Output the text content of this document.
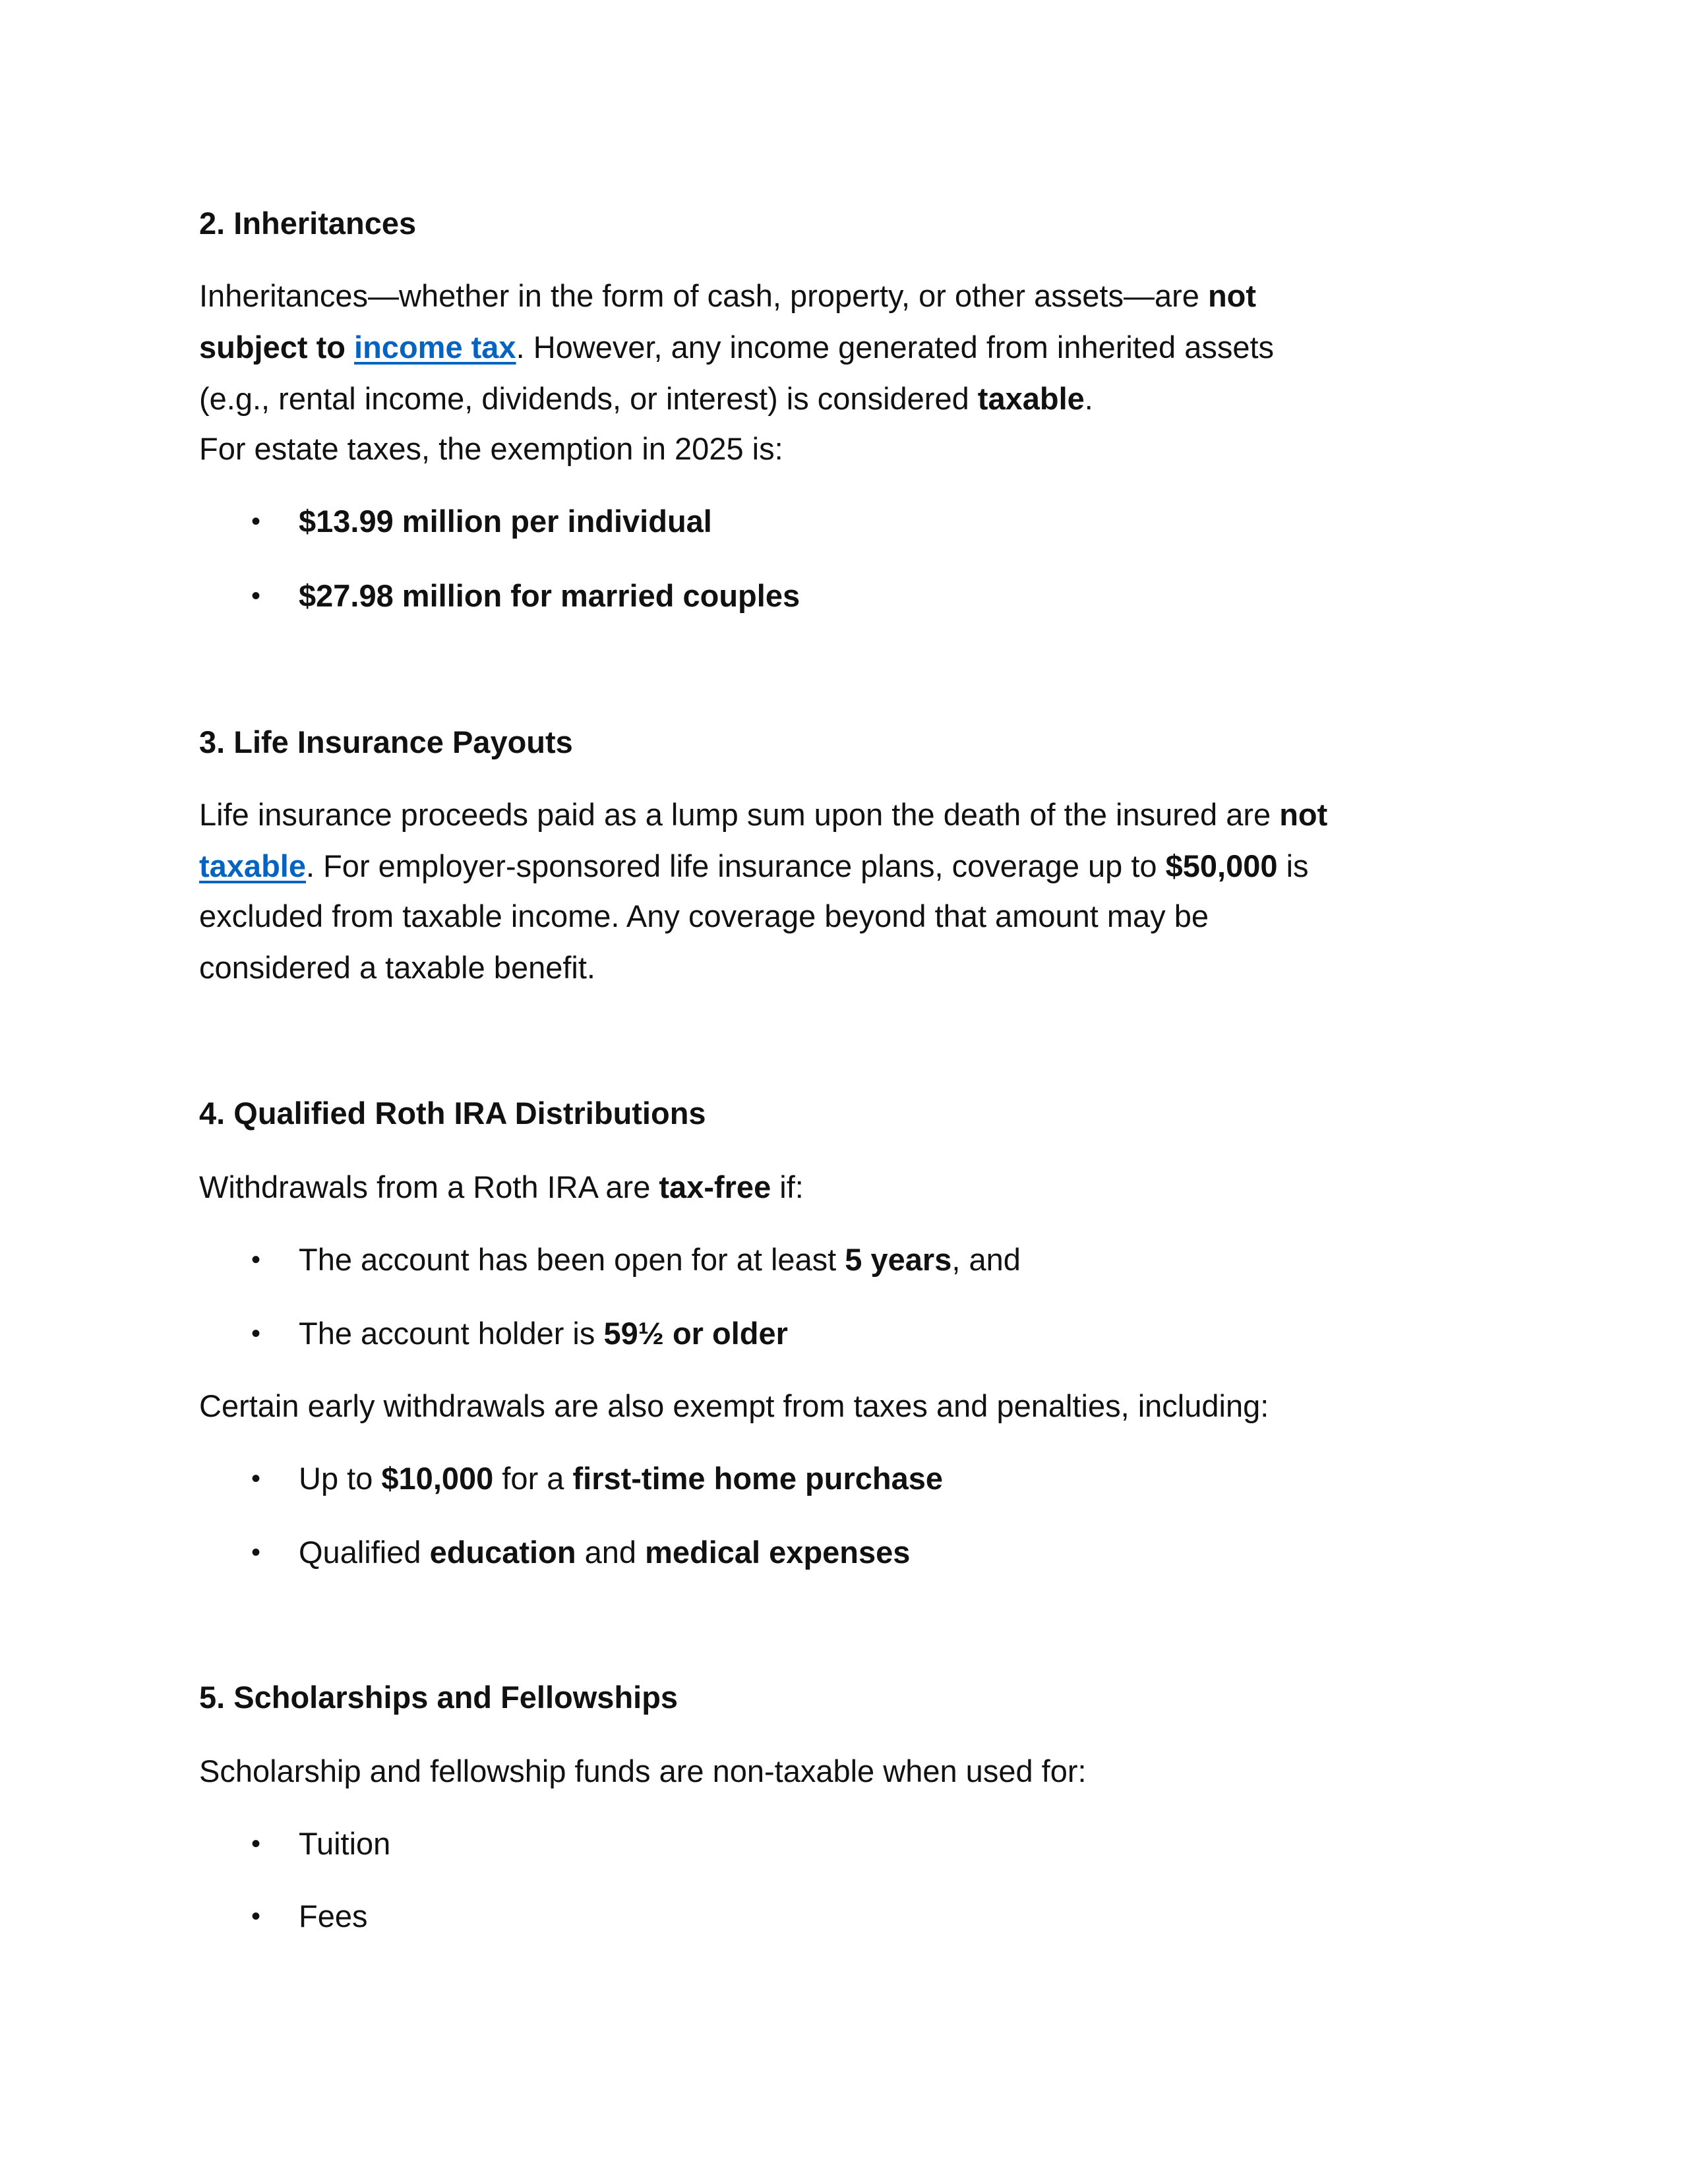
2. Inheritances
Inheritances—whether in the form of cash, property, or other assets—are not
subject to income tax. However, any income generated from inherited assets
(e.g., rental income, dividends, or interest) is considered taxable.
For estate taxes, the exemption in 2025 is:
• $13.99 million per individual
• $27.98 million for married couples
3. Life Insurance Payouts
Life insurance proceeds paid as a lump sum upon the death of the insured are not
taxable. For employer-sponsored life insurance plans, coverage up to $50,000 is
excluded from taxable income. Any coverage beyond that amount may be
considered a taxable benefit.
4. Qualified Roth IRA Distributions
Withdrawals from a Roth IRA are tax-free if:
• The account has been open for at least 5 years, and
• The account holder is 59½ or older
Certain early withdrawals are also exempt from taxes and penalties, including:
• Up to $10,000 for a first-time home purchase
• Qualified education and medical expenses
5. Scholarships and Fellowships
Scholarship and fellowship funds are non-taxable when used for:
• Tuition
• Fees
